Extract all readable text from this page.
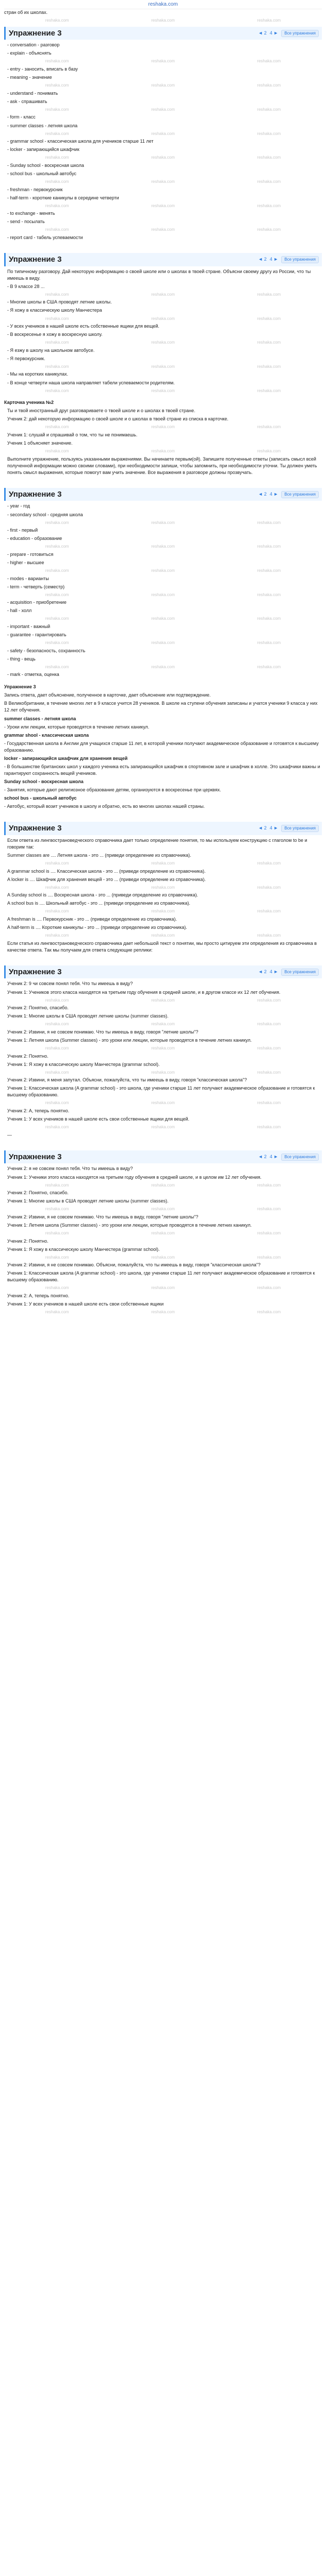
reshaka.com
стран об их школах.
reshaka.com	reshaka.com	reshaka.com
Упражнение 3	◄ 2 4 ►	Все упражнения
- conversation - разговор
- explain - объяснять
reshaka.com	reshaka.com	reshaka.com
- entry - заносить, вписать в базу
- meaning - значение
reshaka.com	reshaka.com	reshaka.com
- understand - понимать
- ask - спрашивать
reshaka.com	reshaka.com	reshaka.com
- form - класс
- summer classes - летняя школа
reshaka.com	reshaka.com	reshaka.com
- grammar school - классическая школа для учеников старше 11 лет
- locker - запирающийся шкафчик
reshaka.com	reshaka.com	reshaka.com
- Sunday school - воскресная школа
- school bus - школьный автобус
reshaka.com	reshaka.com	reshaka.com
- freshman - первокурсник
- half-term - короткие каникулы в середине четверти
reshaka.com	reshaka.com	reshaka.com
- to exchange - менять
- send - посылать
reshaka.com	reshaka.com	reshaka.com
- report card - табель успеваемости
Упражнение 3	◄ 2 4 ►	Все упражнения
По типичному разговору. Дай некоторую информацию о своей школе или о школах в твоей стране. Объясни своему другу из России, что ты имеешь в виду.
- В 9 классе 28 ...
reshaka.com	reshaka.com	reshaka.com
- Многие школы в США проводят летние школы.
- Я хожу в классическую школу Манчестера
reshaka.com	reshaka.com	reshaka.com
- У всех учеников в нашей школе есть собственные ящики для вещей.
- В воскресенье я хожу в воскресную школу.
reshaka.com	reshaka.com	reshaka.com
- Я езжу в школу на школьном автобусе.
- Я первокурсник.
reshaka.com	reshaka.com	reshaka.com
- Мы на коротких каникулах.
- В конце четверти наша школа направляет табели успеваемости родителям.
reshaka.com	reshaka.com	reshaka.com
Карточка ученика №2
Ты и твой иностранный друг разговариваете о твоей школе и о школах в твоей стране.
Ученик 2: дай некоторую информацию о своей школе и о школах в твоей стране из списка в карточке.
reshaka.com	reshaka.com	reshaka.com
Ученик 1: слушай и спрашивай о том, что ты не понимаешь.
Ученик 1 объясняет значение.
reshaka.com	reshaka.com	reshaka.com
Выполните упражнение, пользуясь указанными выражениями. Вы начинаете первым(ой). Запишите полученные ответы (записать смысл всей полученной информации можно своими словами), при необходимости запиши, чтобы запомнить, при необходимости уточни. Ты должен уметь понять смысл выражения, которые помогут вам учить значение. Все выражения в разговоре должны прозвучать.
Упражнение 3	◄ 2 4 ►	Все упражнения
- year - год
- secondary school - средняя школа
reshaka.com	reshaka.com	reshaka.com
- first - первый
- education - образование
reshaka.com	reshaka.com	reshaka.com
- prepare - готовиться
- higher - высшее
reshaka.com	reshaka.com	reshaka.com
- modes - варианты
- term - четверть (семестр)
reshaka.com	reshaka.com	reshaka.com
- acquisition - приобретение
- hall - холл
reshaka.com	reshaka.com	reshaka.com
- important - важный
- guarantee - гарантировать
reshaka.com	reshaka.com	reshaka.com
- safety - безопасность, сохранность
- thing - вещь
reshaka.com	reshaka.com	reshaka.com
- mark - отметка, оценка
Упражнение 3
Запись ответа, дает объяснение, полученное в карточке, дает объяснение или подтверждение.
В Великобритании, в течение многих лет в 9 классе учится 28 учеников. В школе на ступени обучения записаны и учатся ученики 9 класса у них 12 лет обучения.
summer classes - летняя школа
- Уроки или лекции, которые проводятся в течение летних каникул.
grammar shool - классическая школа
- Государственная школа в Англии для учащихся старше 11 лет, в которой ученики получают академическое образование и готовятся к высшему образованию.
locker - запирающийся шкафчик для хранения вещей
- В большинстве британских школ у каждого ученика есть запирающийся шкафчик в спортивном зале и шкафчик в холле. Это шкафчики важны и гарантируют сохранность вещей учеников.
Sunday school - воскресная школа
- Занятия, которые дают религиозное образование детям, организуются в воскресенье при церквях.
school bus - школьный автобус
- Автобус, который возит учеников в школу и обратно, есть во многих школах нашей страны.
Упражнение 3	◄ 2 4 ►	Все упражнения
Если ответа из лингвострановедческого справочника дает только определение понятия, то мы используем конструкцию с глаголом to be и говорим так:
Summer classes are .... Летняя школа - это ... (приведи определение из справочника).
reshaka.com	reshaka.com	reshaka.com
A grammar school is .... Классическая школа - это ... (приведи определение из справочника).
A locker is .... Шкафчик для хранения вещей - это ... (приведи определение из справочника).
reshaka.com	reshaka.com	reshaka.com
A Sunday school is .... Воскресная школа - это ... (приведи определение из справочника).
A school bus is .... Школьный автобус - это ... (приведи определение из справочника).
reshaka.com	reshaka.com	reshaka.com
A freshman is .... Первокурсник - это ... (приведи определение из справочника).
A half-term is .... Короткие каникулы - это ... (приведи определение из справочника).
reshaka.com	reshaka.com	reshaka.com
Если статья из лингвострановедческого справочника дает небольшой текст о понятии, мы просто цитируем эти определения из справочника в качестве ответа. Так мы получаем для ответа следующие реплики:
Упражнение 3	◄ 2 4 ►	Все упражнения
Ученик 2: 9 чи совсем понял тебя. Что ты имеешь в виду?
Ученик 1: Учеников этого класса находятся на третьем году обучения в средней школе, и в другом классе их 12 лет обучения.
reshaka.com	reshaka.com	reshaka.com
Ученик 2: Понятно, спасибо.
Ученик 1: Многие школы в США проводят летние школы (summer classes).
reshaka.com	reshaka.com	reshaka.com
Ученик 2: Извини, я не совсем понимаю. Что ты имеешь в виду, говоря "летние школы"?
Ученик 1: Летняя школа (Summer classes) - это уроки или лекции, которые проводятся в течение летних каникул.
reshaka.com	reshaka.com	reshaka.com
Ученик 2: Понятно.
Ученик 1: Я хожу в классическую школу Манчестера (grammar school).
reshaka.com	reshaka.com	reshaka.com
Ученик 2: Извини, я меня запутал. Объясни, пожалуйста, что ты имеешь в виду, говоря "классическая школа"?
Ученик 1: Классическая школа (A grammar school) - это школа, где ученики старше 11 лет получают академическое образование и готовятся к высшему образованию.
reshaka.com	reshaka.com	reshaka.com
Ученик 2: А, теперь понятно.
Ученик 1: У всех учеников в нашей школе есть свои собственные ящики для вещей.
reshaka.com	reshaka.com	reshaka.com
—
Упражнение 3	◄ 2 4 ►	Все упражнения
Ученик 2: я не совсем понял тебя. Что ты имеешь в виду?
Ученик 1: Ученики этого класса находятся на третьем году обучения в средней школе, и в целом им 12 лет обучения.
reshaka.com	reshaka.com	reshaka.com
Ученик 2: Понятно, спасибо.
Ученик 1: Многие школы в США проводят летние школы (summer classes).
reshaka.com	reshaka.com	reshaka.com
Ученик 2: Извини, я не совсем понимаю. Что ты имеешь в виду, говоря "летние школы"?
Ученик 1: Летняя школа (Summer classes) - это уроки или лекции, которые проводятся в течение летних каникул.
reshaka.com	reshaka.com	reshaka.com
Ученик 2: Понятно.
Ученик 1: Я хожу в классическую школу Манчестера (grammar school).
reshaka.com	reshaka.com	reshaka.com
Ученик 2: Извини, я не совсем понимаю. Объясни, пожалуйста, что ты имеешь в виду, говоря "классическая школа"?
Ученик 1: Классическая школа (A grammar school) - это школа, где ученики старше 11 лет получают академическое образование и готовятся к высшему образованию.
reshaka.com	reshaka.com	reshaka.com
Ученик 2: А, теперь понятно.
Ученик 1: У всех учеников в нашей школе есть свои собственные ящики
reshaka.com	reshaka.com	reshaka.com
